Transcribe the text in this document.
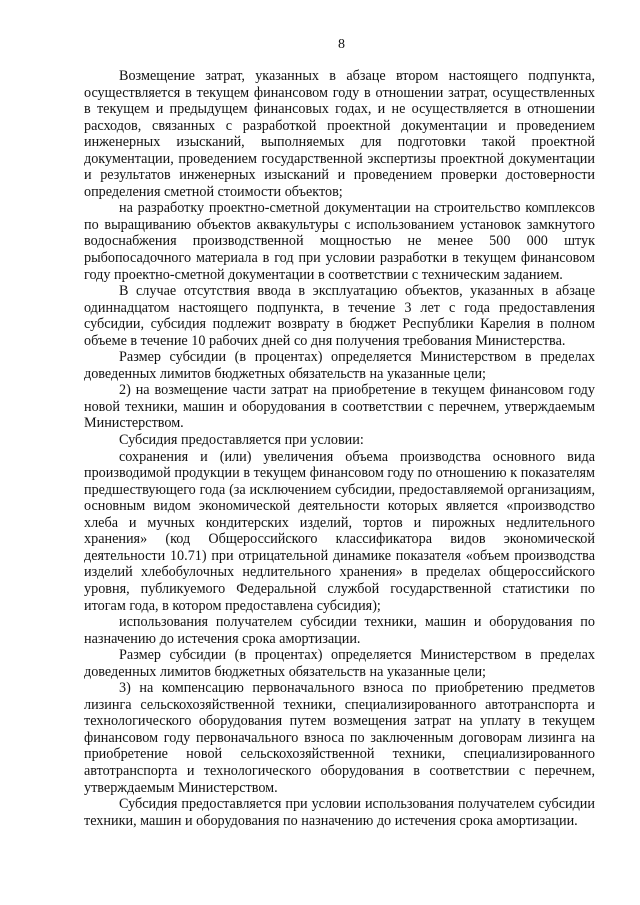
8

Возмещение затрат, указанных в абзаце втором настоящего подпункта, осуществляется в текущем финансовом году в отношении затрат, осуществленных в текущем и предыдущем финансовых годах, и не осуществляется в отношении расходов, связанных с разработкой проектной документации и проведением инженерных изысканий, выполняемых для подготовки такой проектной документации, проведением государственной экспертизы проектной документации и результатов инженерных изысканий и проведением проверки достоверности определения сметной стоимости объектов;

на разработку проектно-сметной документации на строительство комплексов по выращиванию объектов аквакультуры с использованием установок замкнутого водоснабжения производственной мощностью не менее 500 000 штук рыбопосадочного материала в год при условии разработки в текущем финансовом году проектно-сметной документации в соответствии с техническим заданием.

В случае отсутствия ввода в эксплуатацию объектов, указанных в абзаце одиннадцатом настоящего подпункта, в течение 3 лет с года предоставления субсидии, субсидия подлежит возврату в бюджет Республики Карелия в полном объеме в течение 10 рабочих дней со дня получения требования Министерства.

Размер субсидии (в процентах) определяется Министерством в пределах доведенных лимитов бюджетных обязательств на указанные цели;

2) на возмещение части затрат на приобретение в текущем финансовом году новой техники, машин и оборудования в соответствии с перечнем, утверждаемым Министерством.

Субсидия предоставляется при условии:

сохранения и (или) увеличения объема производства основного вида производимой продукции в текущем финансовом году по отношению к показателям предшествующего года (за исключением субсидии, предоставляемой организациям, основным видом экономической деятельности которых является «производство хлеба и мучных кондитерских изделий, тортов и пирожных недлительного хранения» (код Общероссийского классификатора видов экономической деятельности 10.71) при отрицательной динамике показателя «объем производства изделий хлебобулочных недлительного хранения» в пределах общероссийского уровня, публикуемого Федеральной службой государственной статистики по итогам года, в котором предоставлена субсидия);

использования получателем субсидии техники, машин и оборудования по назначению до истечения срока амортизации.

Размер субсидии (в процентах) определяется Министерством в пределах доведенных лимитов бюджетных обязательств на указанные цели;

3) на компенсацию первоначального взноса по приобретению предметов лизинга сельскохозяйственной техники, специализированного автотранспорта и технологического оборудования путем возмещения затрат на уплату в текущем финансовом году первоначального взноса по заключенным договорам лизинга на приобретение новой сельскохозяйственной техники, специализированного автотранспорта и технологического оборудования в соответствии с перечнем, утверждаемым Министерством.

Субсидия предоставляется при условии использования получателем субсидии техники, машин и оборудования по назначению до истечения срока амортизации.
